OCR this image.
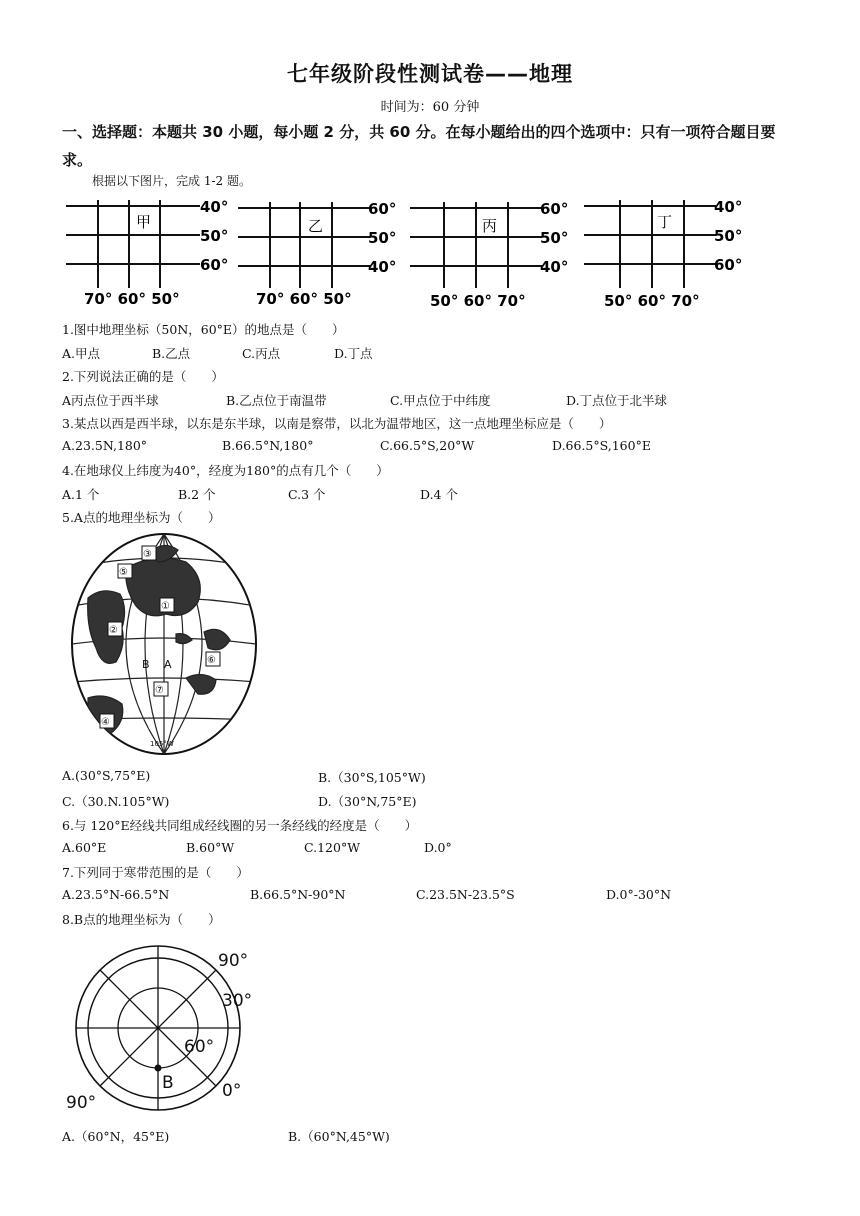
七年级阶段性测试卷——地理
时间为：60 分钟
一、选择题：本题共 30 小题，每小题 2 分，共 60 分。在每小题给出的四个选项中：只有一项符合题目要求。
根据以下图片，完成 1-2 题。
甲
40°
50°
60°
70° 60° 50°
乙
60°
50°
40°
70° 60° 50°
丙
60°
50°
40°
50° 60° 70°
丁
40°
50°
60°
50° 60° 70°
1.图中地理坐标（50N，60°E）的地点是（　　）
A.甲点	B.乙点	C.丙点	D.丁点
2.下列说法正确的是（　　）
A丙点位于西半球	B.乙点位于南温带	C.甲点位于中纬度	D.丁点位于北半球
3.某点以西是西半球，以东是东半球，以南是察带，以北为温带地区，这一点地理坐标应是（　　）
A.23.5N,180°	B.66.5°N,180°	C.66.5°S,20°W	D.66.5°S,160°E
4.在地球仪上纬度为40°，经度为180°的点有几个（　　）
A.1 个	B.2 个	C.3 个	D.4 个
5.A点的地理坐标为（　　）
③
⑤
①
②
⑥
⑦
④
B A
105°W
A.(30°S,75°E)	B.（30°S,105°W)
C.（30.N.105°W)	D.（30°N,75°E)
6.与 120°E经线共同组成经线圈的另一条经线的经度是（　　）
A.60°E	B.60°W	C.120°W	D.0°
7.下列同于寒带范围的是（　　）
A.23.5°N-66.5°N	B.66.5°N-90°N	C.23.5N-23.5°S	D.0°-30°N
8.B点的地理坐标为（　　）
90°
30°
60°
B	0°
90°
A.（60°N，45°E)	B.（60°N,45°W)
